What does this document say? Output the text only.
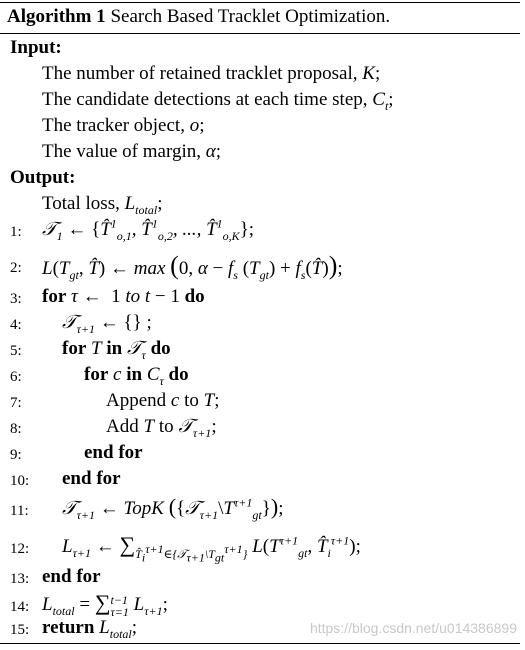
Algorithm 1 Search Based Tracklet Optimization.
Input:
The number of retained tracklet proposal, K;
The candidate detections at each time step, $C_t$;
The tracker object, o;
The value of margin, α;
Output:
Total loss, $L_{total}$;
1: 𝒯$_1$ ← {T̂$^1_{o,1}$, T̂$^1_{o,2}$, ..., T̂$^1_{o,K}$};
2: $L(T_{gt}$, T̂) ← max (0, $\alpha - f_s$ $(T_{gt})$ + $f_s(T̂)$);
3: for τ ←  1 to t − 1 do
4: 𝒯$_{\tau+1}$ ← {} ;
5: for T in 𝒯$_\tau$ do
6:	for c in $C_\tau$ do
7:	Append c to T;
8:	Add T to 𝒯$_{\tau+1}$;
9:	end for
10: end for
11: 𝒯$_{\tau+1}$ ← TopK $(\{𝒯_{\tau+1}\backslash T^{\tau+1}_{gt}\})$;
12: $L_{\tau+1}$ ← $\sum T̂_i^{\tau+1}\in\{𝒯_{\tau+1}\backslash T_{gt}^{\tau+1}\}$ $L(T^{\tau+1}_{gt}$, $T̂_i^{\tau+1}$);
13: end for
14: $L_{total}$ = ∑ t−1
τ=1 $L_{\tau+1}$;
15: return $L_{total}$;	https://blog.csdn.net/u014386899
